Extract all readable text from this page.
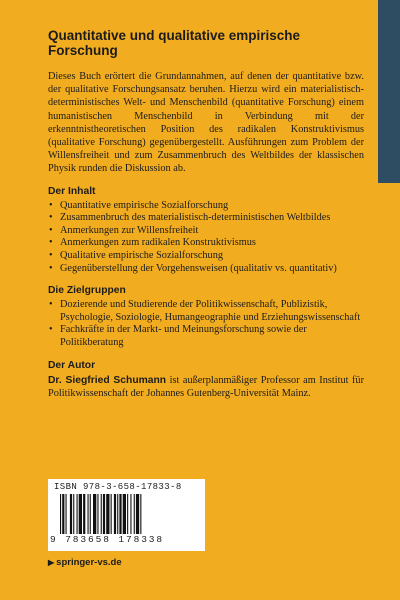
Quantitative und qualitative empirische Forschung

Dieses Buch erörtert die Grundannahmen, auf denen der quantitative bzw. der qualitative Forschungsansatz beruhen. Hierzu wird ein materialistisch-deterministisches Welt- und Menschenbild (quantitative Forschung) einem humanistischen Menschenbild in Verbindung mit der erkenntnistheoretischen Position des radikalen Konstruktivismus (qualitative Forschung) gegenübergestellt. Ausführungen zum Problem der Willensfreiheit und zum Zusammenbruch des Weltbildes der klassischen Physik runden die Diskussion ab.

Der Inhalt
• Quantitative empirische Sozialforschung
• Zusammenbruch des materialistisch-deterministischen Weltbildes
• Anmerkungen zur Willensfreiheit
• Anmerkungen zum radikalen Konstruktivismus
• Qualitative empirische Sozialforschung
• Gegenüberstellung der Vorgehensweisen (qualitativ vs. quantitativ)
Die Zielgruppen
• Dozierende und Studierende der Politikwissenschaft, Publizistik, Psychologie, Soziologie, Humangeographie und Erziehungswissenschaft
• Fachkräfte in der Markt- und Meinungsforschung sowie der Politikberatung
Der Autor

Dr. Siegfried Schumann ist außerplanmäßiger Professor am Institut für Politikwissenschaft der Johannes Gutenberg-Universität Mainz.

ISBN 978-3-658-17833-8
9 783658 178338
▶ springer-vs.de
